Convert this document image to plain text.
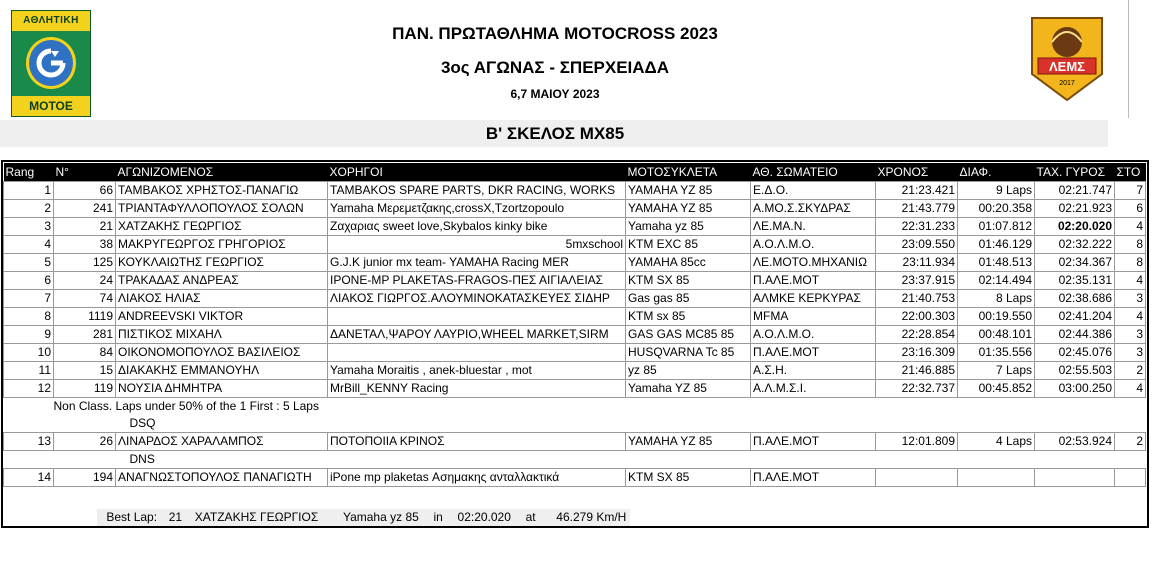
ΑΘΛΗΤΙΚΗ
ΜΟΤΟΕ
ΛΕΜΣ
2017
ΠΑΝ. ΠΡΩΤΑΘΛΗΜΑ MOTOCROSS 2023
3ος ΑΓΩΝΑΣ - ΣΠΕΡΧΕΙΑΔΑ
6,7 ΜΑΙΟΥ 2023
Β' ΣΚΕΛΟΣ MX85
Rang	N°	ΑΓΩΝΙΖΟΜΕΝΟΣ	ΧΟΡΗΓΟΙ	ΜΟΤΟΣΥΚΛΕΤΑ	ΑΘ. ΣΩΜΑΤΕΙΟ	ΧΡΟΝΟΣ	ΔΙΑΦ.	ΤΑΧ. ΓΥΡΟΣ	ΣΤΟ
1	66	ΤΑΜΒΑΚΟΣ ΧΡΗΣΤΟΣ-ΠΑΝΑΓΙΩ	TAMBAKOS SPARE PARTS, DKR RACING, WORKS	YAMAHA YZ 85	Ε.Δ.Ο.	21:23.421	9 Laps	02:21.747	7
2	241	ΤΡΙΑΝΤΑΦΥΛΛΟΠΟΥΛΟΣ ΣΟΛΩΝ	Yamaha Μερεμετζακης,crossX,Tzortzopoulo	YAMAHA YZ 85	Α.ΜΟ.Σ.ΣΚΥΔΡΑΣ	21:43.779	00:20.358	02:21.923	6
3	21	ΧΑΤΖΑΚΗΣ ΓΕΩΡΓΙΟΣ	Ζαχαριας sweet love,Skybalos kinky bike	Yamaha yz 85	ΛΕ.ΜΑ.Ν.	22:31.233	01:07.812	02:20.020	4
4	38	ΜΑΚΡΥΓΕΩΡΓΟΣ ΓΡΗΓΟΡΙΟΣ	5mxschool	KTM EXC 85	Α.Ο.Λ.Μ.Ο.	23:09.550	01:46.129	02:32.222	8
5	125	ΚΟΥΚΛΑΙΩΤΗΣ ΓΕΩΡΓΙΟΣ	G.J.K junior mx team- YAMAHA Racing MER	YAMAHA 85cc	ΛΕ.ΜΟΤΟ.ΜΗΧΑΝΙΩ	23:11.934	01:48.513	02:34.367	8
6	24	ΤΡΑΚΑΔΑΣ ΑΝΔΡΕΑΣ	IPONE-MP PLAKETAS-FRAGOS-ΠΕΣ ΑΙΓΙΑΛΕΙΑΣ	KTM SX 85	Π.ΑΛΕ.ΜΟΤ	23:37.915	02:14.494	02:35.131	4
7	74	ΛΙΑΚΟΣ ΗΛΙΑΣ	ΛΙΑΚΟΣ ΓΙΩΡΓΟΣ.ΑΛΟΥΜΙΝΟΚΑΤΑΣΚΕΥΕΣ ΣΙΔΗΡ	Gas gas 85	ΑΛΜΚΕ ΚΕΡΚΥΡΑΣ	21:40.753	8 Laps	02:38.686	3
8	1119	ANDREEVSKI VIKTOR		KTM sx 85	MFMA	22:00.303	00:19.550	02:41.204	4
9	281	ΠΙΣΤΙΚΟΣ ΜΙΧΑΗΛ	ΔΑΝΕΤΑΛ,ΨΑΡΟΥ ΛΑΥΡΙΟ,WHEEL MARKET,SIRM	GAS GAS MC85 85	Α.Ο.Λ.Μ.Ο.	22:28.854	00:48.101	02:44.386	3
10	84	ΟΙΚΟΝΟΜΟΠΟΥΛΟΣ ΒΑΣΙΛΕΙΟΣ		HUSQVARNA Tc 85	Π.ΑΛΕ.ΜΟΤ	23:16.309	01:35.556	02:45.076	3
11	15	ΔΙΑΚΑΚΗΣ ΕΜΜΑΝΟΥΗΛ	Yamaha Moraitis , anek-bluestar , mot	yz 85	Α.Σ.Η.	21:46.885	7 Laps	02:55.503	2
12	119	ΝΟΥΣΙΑ ΔΗΜΗΤΡΑ	MrBill_KENNY Racing	Yamaha YZ 85	Α.Λ.Μ.Σ.Ι.	22:32.737	00:45.852	03:00.250	4
	Non Class. Laps under 50% of the 1 First : 5 Laps								
	DSQ								
13	26	ΛΙΝΑΡΔΟΣ ΧΑΡΑΛΑΜΠΟΣ	ΠΟΤΟΠΟΙΙΑ ΚΡΙΝΟΣ	YAMAHA YZ 85	Π.ΑΛΕ.ΜΟΤ	12:01.809	4 Laps	02:53.924	2
	DNS								
14	194	ΑΝΑΓΝΩΣΤΟΠΟΥΛΟΣ ΠΑΝΑΓΙΩΤΗ	iPone mp plaketas Ασημακης ανταλλακτικά	KTM SX 85	Π.ΑΛΕ.ΜΟΤ				
Best Lap: 21 ΧΑΤΖΑΚΗΣ ΓΕΩΡΓΙΟΣ Yamaha yz 85 in 02:20.020 at 46.279 Km/H
